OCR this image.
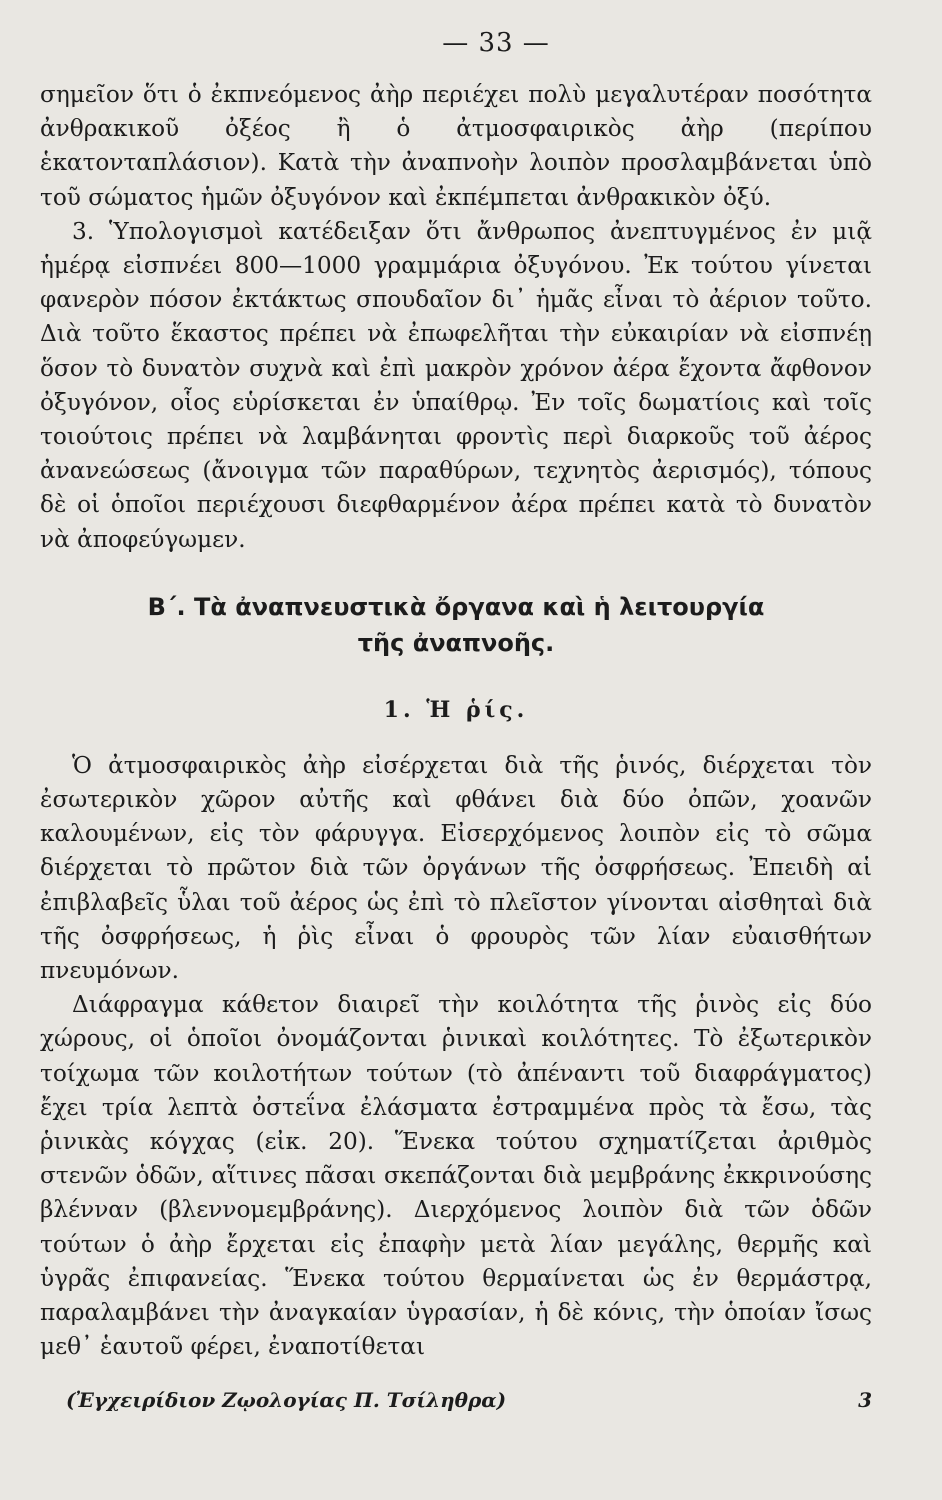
— 33 —

σημεῖον ὅτι ὁ ἐκπνεόμενος ἀὴρ περιέχει πολὺ μεγαλυτέραν ποσότητα ἀνθρακικοῦ ὀξέος ἢ ὁ ἀτμοσφαιρικὸς ἀὴρ (περίπου ἑκατονταπλάσιον). Κατὰ τὴν ἀναπνοὴν λοιπὸν προσλαμβάνεται ὑπὸ τοῦ σώματος ἡμῶν ὀξυγόνον καὶ ἐκπέμπεται ἀνθρακικὸν ὀξύ.

3. Ὑπολογισμοὶ κατέδειξαν ὅτι ἄνθρωπος ἀνεπτυγμένος ἐν μιᾷ ἡμέρᾳ εἰσπνέει 800—1000 γραμμάρια ὀξυγόνου. Ἐκ τούτου γίνεται φανερὸν πόσον ἐκτάκτως σπουδαῖον δι᾽ ἡμᾶς εἶναι τὸ ἀέριον τοῦτο. Διὰ τοῦτο ἕκαστος πρέπει νὰ ἐπωφελῆται τὴν εὐκαιρίαν νὰ εἰσπνέῃ ὅσον τὸ δυνατὸν συχνὰ καὶ ἐπὶ μακρὸν χρόνον ἀέρα ἔχοντα ἄφθονον ὀξυγόνον, οἷος εὑρίσκεται ἐν ὑπαίθρῳ. Ἐν τοῖς δωματίοις καὶ τοῖς τοιούτοις πρέπει νὰ λαμβάνηται φροντὶς περὶ διαρκοῦς τοῦ ἀέρος ἀνανεώσεως (ἄνοιγμα τῶν παραθύρων, τεχνητὸς ἀερισμός), τόπους δὲ οἱ ὁποῖοι περιέχουσι διεφθαρμένον ἀέρα πρέπει κατὰ τὸ δυνατὸν νὰ ἀποφεύγωμεν.

Β΄. Τὰ ἀναπνευστικὰ ὄργανα καὶ ἡ λειτουργία
τῆς ἀναπνοῆς.
1. Ἡ ῥίς.

Ὁ ἀτμοσφαιρικὸς ἀὴρ εἰσέρχεται διὰ τῆς ῥινός, διέρχεται τὸν ἐσωτερικὸν χῶρον αὐτῆς καὶ φθάνει διὰ δύο ὀπῶν, χοανῶν καλουμένων, εἰς τὸν φάρυγγα. Εἰσερχόμενος λοιπὸν εἰς τὸ σῶμα διέρχεται τὸ πρῶτον διὰ τῶν ὀργάνων τῆς ὀσφρήσεως. Ἐπειδὴ αἱ ἐπιβλαβεῖς ὗλαι τοῦ ἀέρος ὡς ἐπὶ τὸ πλεῖστον γίνονται αἰσθηταὶ διὰ τῆς ὀσφρήσεως, ἡ ῥὶς εἶναι ὁ φρουρὸς τῶν λίαν εὐαισθήτων πνευμόνων.

Διάφραγμα κάθετον διαιρεῖ τὴν κοιλότητα τῆς ῥινὸς εἰς δύο χώρους, οἱ ὁποῖοι ὀνομάζονται ῥινικαὶ κοιλότητες. Τὸ ἐξωτερικὸν τοίχωμα τῶν κοιλοτήτων τούτων (τὸ ἀπέναντι τοῦ διαφράγματος) ἔχει τρία λεπτὰ ὀστεΐνα ἐλάσματα ἐστραμμένα πρὸς τὰ ἔσω, τὰς ῥινικὰς κόγχας (εἰκ. 20). Ἕνεκα τούτου σχηματίζεται ἀριθμὸς στενῶν ὁδῶν, αἵτινες πᾶσαι σκεπάζονται διὰ μεμβράνης ἐκκρινούσης βλένναν (βλεννομεμβράνης). Διερχόμενος λοιπὸν διὰ τῶν ὁδῶν τούτων ὁ ἀὴρ ἔρχεται εἰς ἐπαφὴν μετὰ λίαν μεγάλης, θερμῆς καὶ ὑγρᾶς ἐπιφανείας. Ἕνεκα τούτου θερμαίνεται ὡς ἐν θερμάστρᾳ, παραλαμβάνει τὴν ἀναγκαίαν ὑγρασίαν, ἡ δὲ κόνις, τὴν ὁποίαν ἴσως μεθ᾽ ἑαυτοῦ φέρει, ἐναποτίθεται

(Ἐγχειρίδιον Ζῳολογίας Π. Τσίληθρα)	3
